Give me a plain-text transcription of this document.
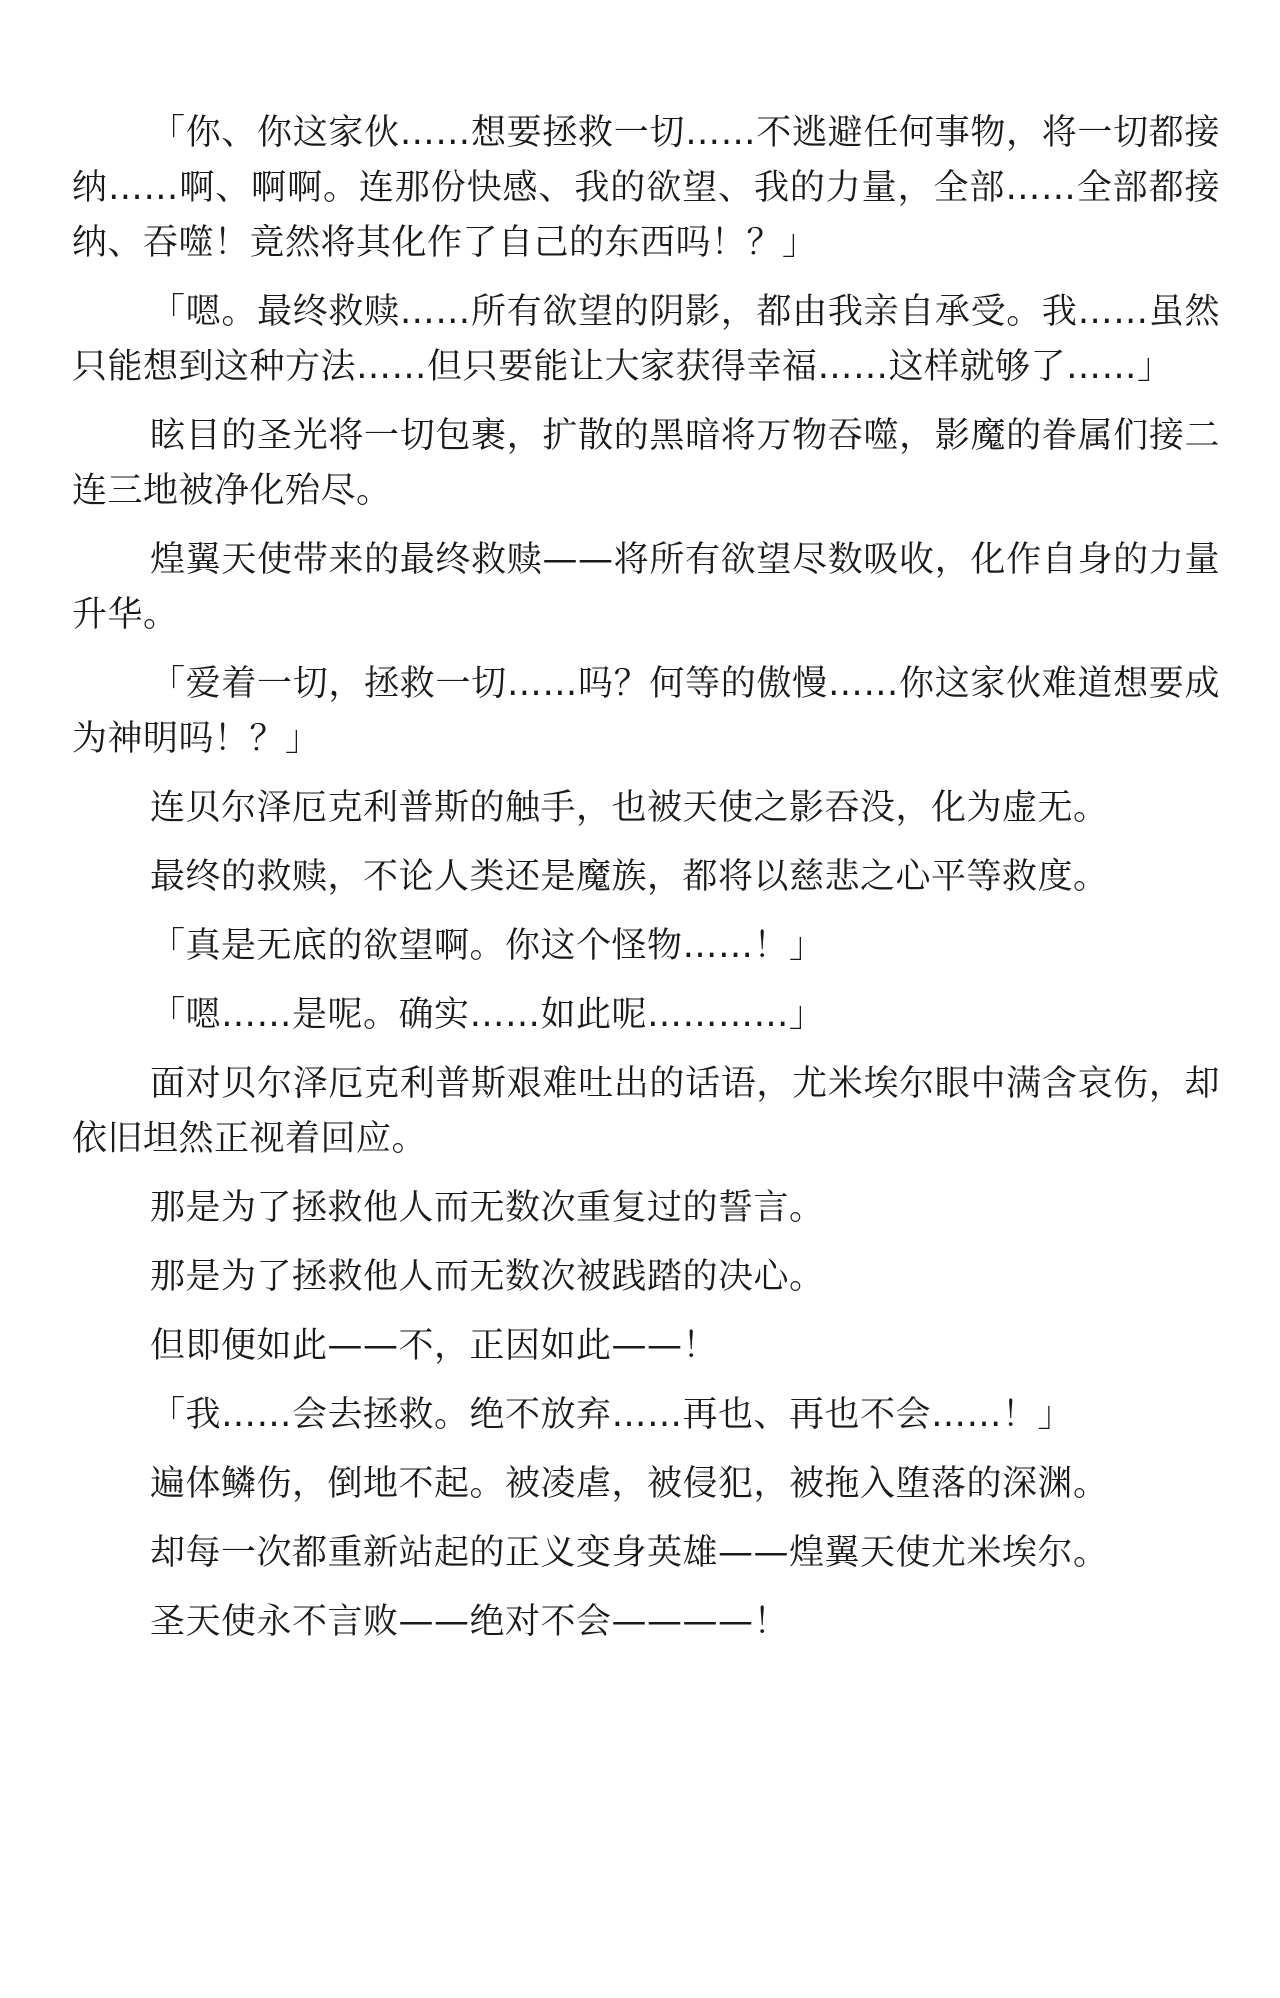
「你、你这家伙……想要拯救一切……不逃避任何事物，将一切都接纳……啊、啊啊。连那份快感、我的欲望、我的力量，全部……全部都接纳、吞噬！竟然将其化作了自己的东西吗！？」

「嗯。最终救赎……所有欲望的阴影，都由我亲自承受。我……虽然只能想到这种方法……但只要能让大家获得幸福……这样就够了……」

眩目的圣光将一切包裹，扩散的黑暗将万物吞噬，影魔的眷属们接二连三地被净化殆尽。

煌翼天使带来的最终救赎——将所有欲望尽数吸收，化作自身的力量升华。

「爱着一切，拯救一切……吗？何等的傲慢……你这家伙难道想要成为神明吗！？」

连贝尔泽厄克利普斯的触手，也被天使之影吞没，化为虚无。

最终的救赎，不论人类还是魔族，都将以慈悲之心平等救度。

「真是无底的欲望啊。你这个怪物……！」

「嗯……是呢。确实……如此呢…………」

面对贝尔泽厄克利普斯艰难吐出的话语，尤米埃尔眼中满含哀伤，却依旧坦然正视着回应。

那是为了拯救他人而无数次重复过的誓言。

那是为了拯救他人而无数次被践踏的决心。

但即便如此——不，正因如此——！

「我……会去拯救。绝不放弃……再也、再也不会……！」

遍体鳞伤，倒地不起。被凌虐，被侵犯，被拖入堕落的深渊。

却每一次都重新站起的正义变身英雄——煌翼天使尤米埃尔。

圣天使永不言败——绝对不会————！
